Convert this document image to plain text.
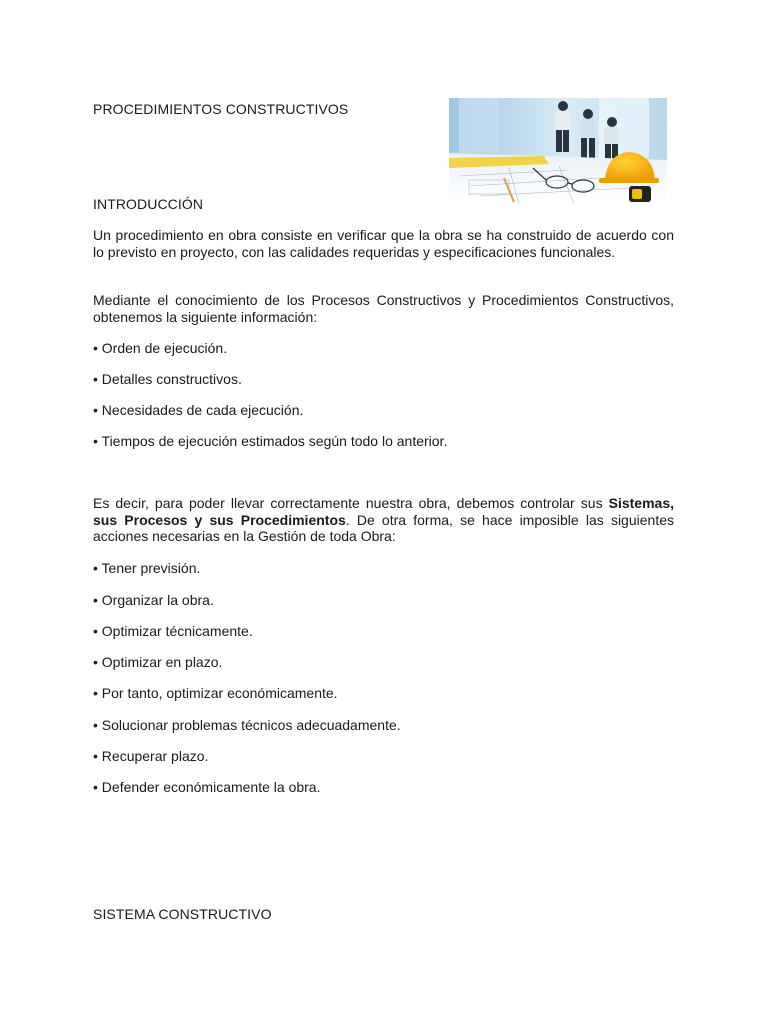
PROCEDIMIENTOS CONSTRUCTIVOS
INTRODUCCIÓN

Un procedimiento en obra consiste en verificar que la obra se ha construido de acuerdo con lo previsto en proyecto, con las calidades requeridas y especificaciones funcionales.

Mediante el conocimiento de los Procesos Constructivos y Procedimientos Constructivos, obtenemos la siguiente información:

• Orden de ejecución.
• Detalles constructivos.
• Necesidades de cada ejecución.
• Tiempos de ejecución estimados según todo lo anterior.

Es decir, para poder llevar correctamente nuestra obra, debemos controlar sus Sistemas, sus Procesos y sus Procedimientos. De otra forma, se hace imposible las siguientes acciones necesarias en la Gestión de toda Obra:

• Tener previsión.
• Organizar la obra.
• Optimizar técnicamente.
• Optimizar en plazo.
• Por tanto, optimizar económicamente.
• Solucionar problemas técnicos adecuadamente.
• Recuperar plazo.
• Defender económicamente la obra.
SISTEMA CONSTRUCTIVO
